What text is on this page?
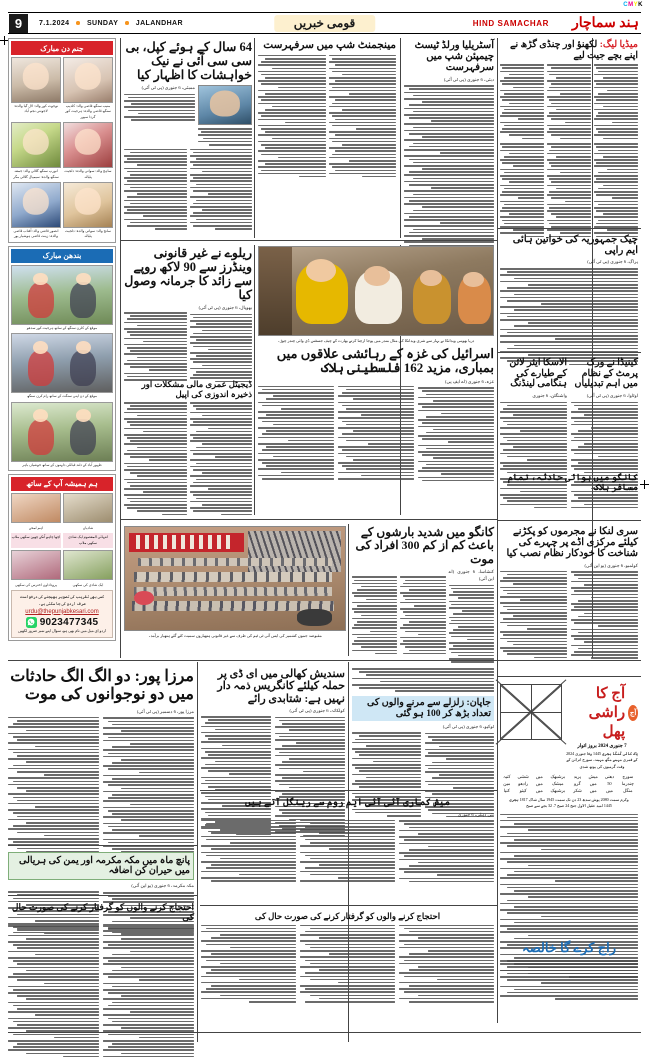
CMYK
9	7.1.2024	SUNDAY	JALANDHAR	قومی خبریں	HIND SAMACHAR ہند سماچار
جنم دن مبارک
نوجوت کور والد: لال گیا والدہ: لاجونتی نجم آباد
منیب سنگھ قاضی والد: کلدیپ سنگھ قاضی والدہ: ہرجیت کور گردا سپور
انورپ سنگھ گلاٹی والد: جمعہ سنگھ والدہ: سیمپال گلاٹی مگر
ساہج والد: سواتی والدہ: دلجیت پٹیالہ
انصور قاضی والد: آفتاب قاضی والدہ: زینت قاضی ہوشیار پور
سانج والد: سواتی والدہ: دلجیت پٹیالہ
بندھن مبارک
موقع کے کلرن سنگھ کے ساتھ ہرجیت کور سدھو
موقع کے دن اپنی سنگت کے ساتھ رام کرن سنگھ
ظہور آباد کے دلند قبائلی دلہنوں کے ساتھ خوشیاں باہر
ہم ہمیشہ آپ کے ساتھ
اہم لمحے	شادیاں
اچھا چاہو اُنکے چھپن سکھی ملاپ	انتہائی المعصوم ایک شادی سکھی ملاپ
پروداداوں اخترس کی سکھی	ایک شادی کی سکھی
کسی بھی تقریب کی تصویر بھیجنے کی درخواست صرف اردو کی جا سکتی ہے۔
urdu@thepunjabkesari.com
9023477345
اردو اِی میل میں نام بھی ہو، سوال اپنے نمبر ضرور لکھیں
64 سال کے ہوئے کپل، بی سی سی آئی نے نیک خواہشات کا اظہار کیا
ممبئی، 6 جنوری (پی ٹی آئی)
مینجمنٹ شپ میں سرفہرست	آسٹریلیا ورلڈ ٹیسٹ چیمپئن شپ میں سرفہرست
دبئی، 6 جنوری (پی ٹی آئی)
میڈیا لیگ: لکھنؤ اور چنڈی گڑھ نے اپنے بچے جیت لیے
چیک جمہوریہ کی خواتین ہائی ایم راپی
پراگ، 6 جنوری (پی ٹی آئی)
کینیڈا نے ورک پرمٹ کے نظام میں اہم تبدیلیاں
الاسکا ایئر لائن کے طیارے کی ہنگامی لینڈنگ
اوٹاوا، 6 جنوری (پی ٹی آئی)
واشنگٹن، 6 جنوری
سری لنکا نے مجرموں کو پکڑنے کیلئے مرکزی اڈے پر چہرے کی شناخت کا خودکار نظام نصب کیا
کولمبو، 6 جنوری (یو این آئی)
آج کا راشی پھل
آج
7 جنوری 2024 بروز اتوار
پاک کالی گنگا ہجری 1445 وفا جنوری 2024 کے قمری مہینے مگھ مہینہ، سورج اترائن کے وقت گرمیوں کی یوتھ شدی
سورج	دھنی	میش	پرید	برشبھک	میں	ششی	کنیہ
چندرما	50	میں	گرو	میشک	میں	رادھو	مین
منگل	میں	میں	شکر	برشبھک	میں	کیتو	کنیا
وکرم سمت 2080 پوش سدھ 23 دن تک سمت 1945 سال شاک 1817 ہجری
1445 امید عقیل الاول جنج 24 صبح 7. 32 بجے سے صبح
ریلوے نے غیر قانونی وینڈرز سے 90 لاکھ روپے سے زائد کا جرمانہ وصول کیا
بھوپال، 6 جنوری (پی ٹی آئی)
ڈیجیٹل عمری مالی مشکلات اور ذخیرہ اندوزی کی اپیل
دریا بھومی ویدانکا نے بہار سے شری ویدانکا کی مثال مندر میں پوجا ارچنا کرتے بھارت کے چیف جسٹس ڈی وائی چندر چوڑ۔
اسرائیل کی غزہ کے رہائشی علاقوں میں بمباری، مزید 162 فلسطینی ہلاک
غزہ، 6 جنوری (اے ایف پی)
مقبوضہ جموں کشمیر کی ایس آئی ٹی ٹیم کی طرف سے غیر قانونی ہتھیاروں سمیت کئے گئے ہتھیار برآمد۔
کانگو میں شدید بارشوں کے باعث کم از کم 300 افراد کی موت
کنشاسا، 6 جنوری (اے این آئی)
کانگو میں ہوائی حادثہ، تمام مسافر ہلاک
مرزا پور: دو الگ الگ حادثات میں دو نوجوانوں کی موت
مرزا پور، 6 دسمبر (پی ٹی آئی)
پانچ ماہ میں مکہ مکرمہ اور یمن کی ہریالی میں حیران کن اضافہ
مکہ مکرمہ، 6 جنوری (یو این آئی)
احتجاج کرنے والوں کو گرفتار کرنے کی صورت حال کی
سندیش کھالی میں ای ڈی پر حملہ کیلئے کانگریس ذمہ دار نہیں ہے: شتابدی رائے
کولکاتہ، 6 جنوری (پی ٹی آئی)
جاپان: زلزلے سے مرنے والوں کی تعداد بڑھ کر 100 ہو گئی
ٹوکیو، 6 جنوری (پی ٹی آئی)
میش کماری آئی آئی ایم روم سے رینگل آتے ہیں
نئی دہلی، 6 جنوری
احتجاج کرنے والوں کو گرفتار کرنے کی صورت حال کی
راج کرے گا خالصہ
